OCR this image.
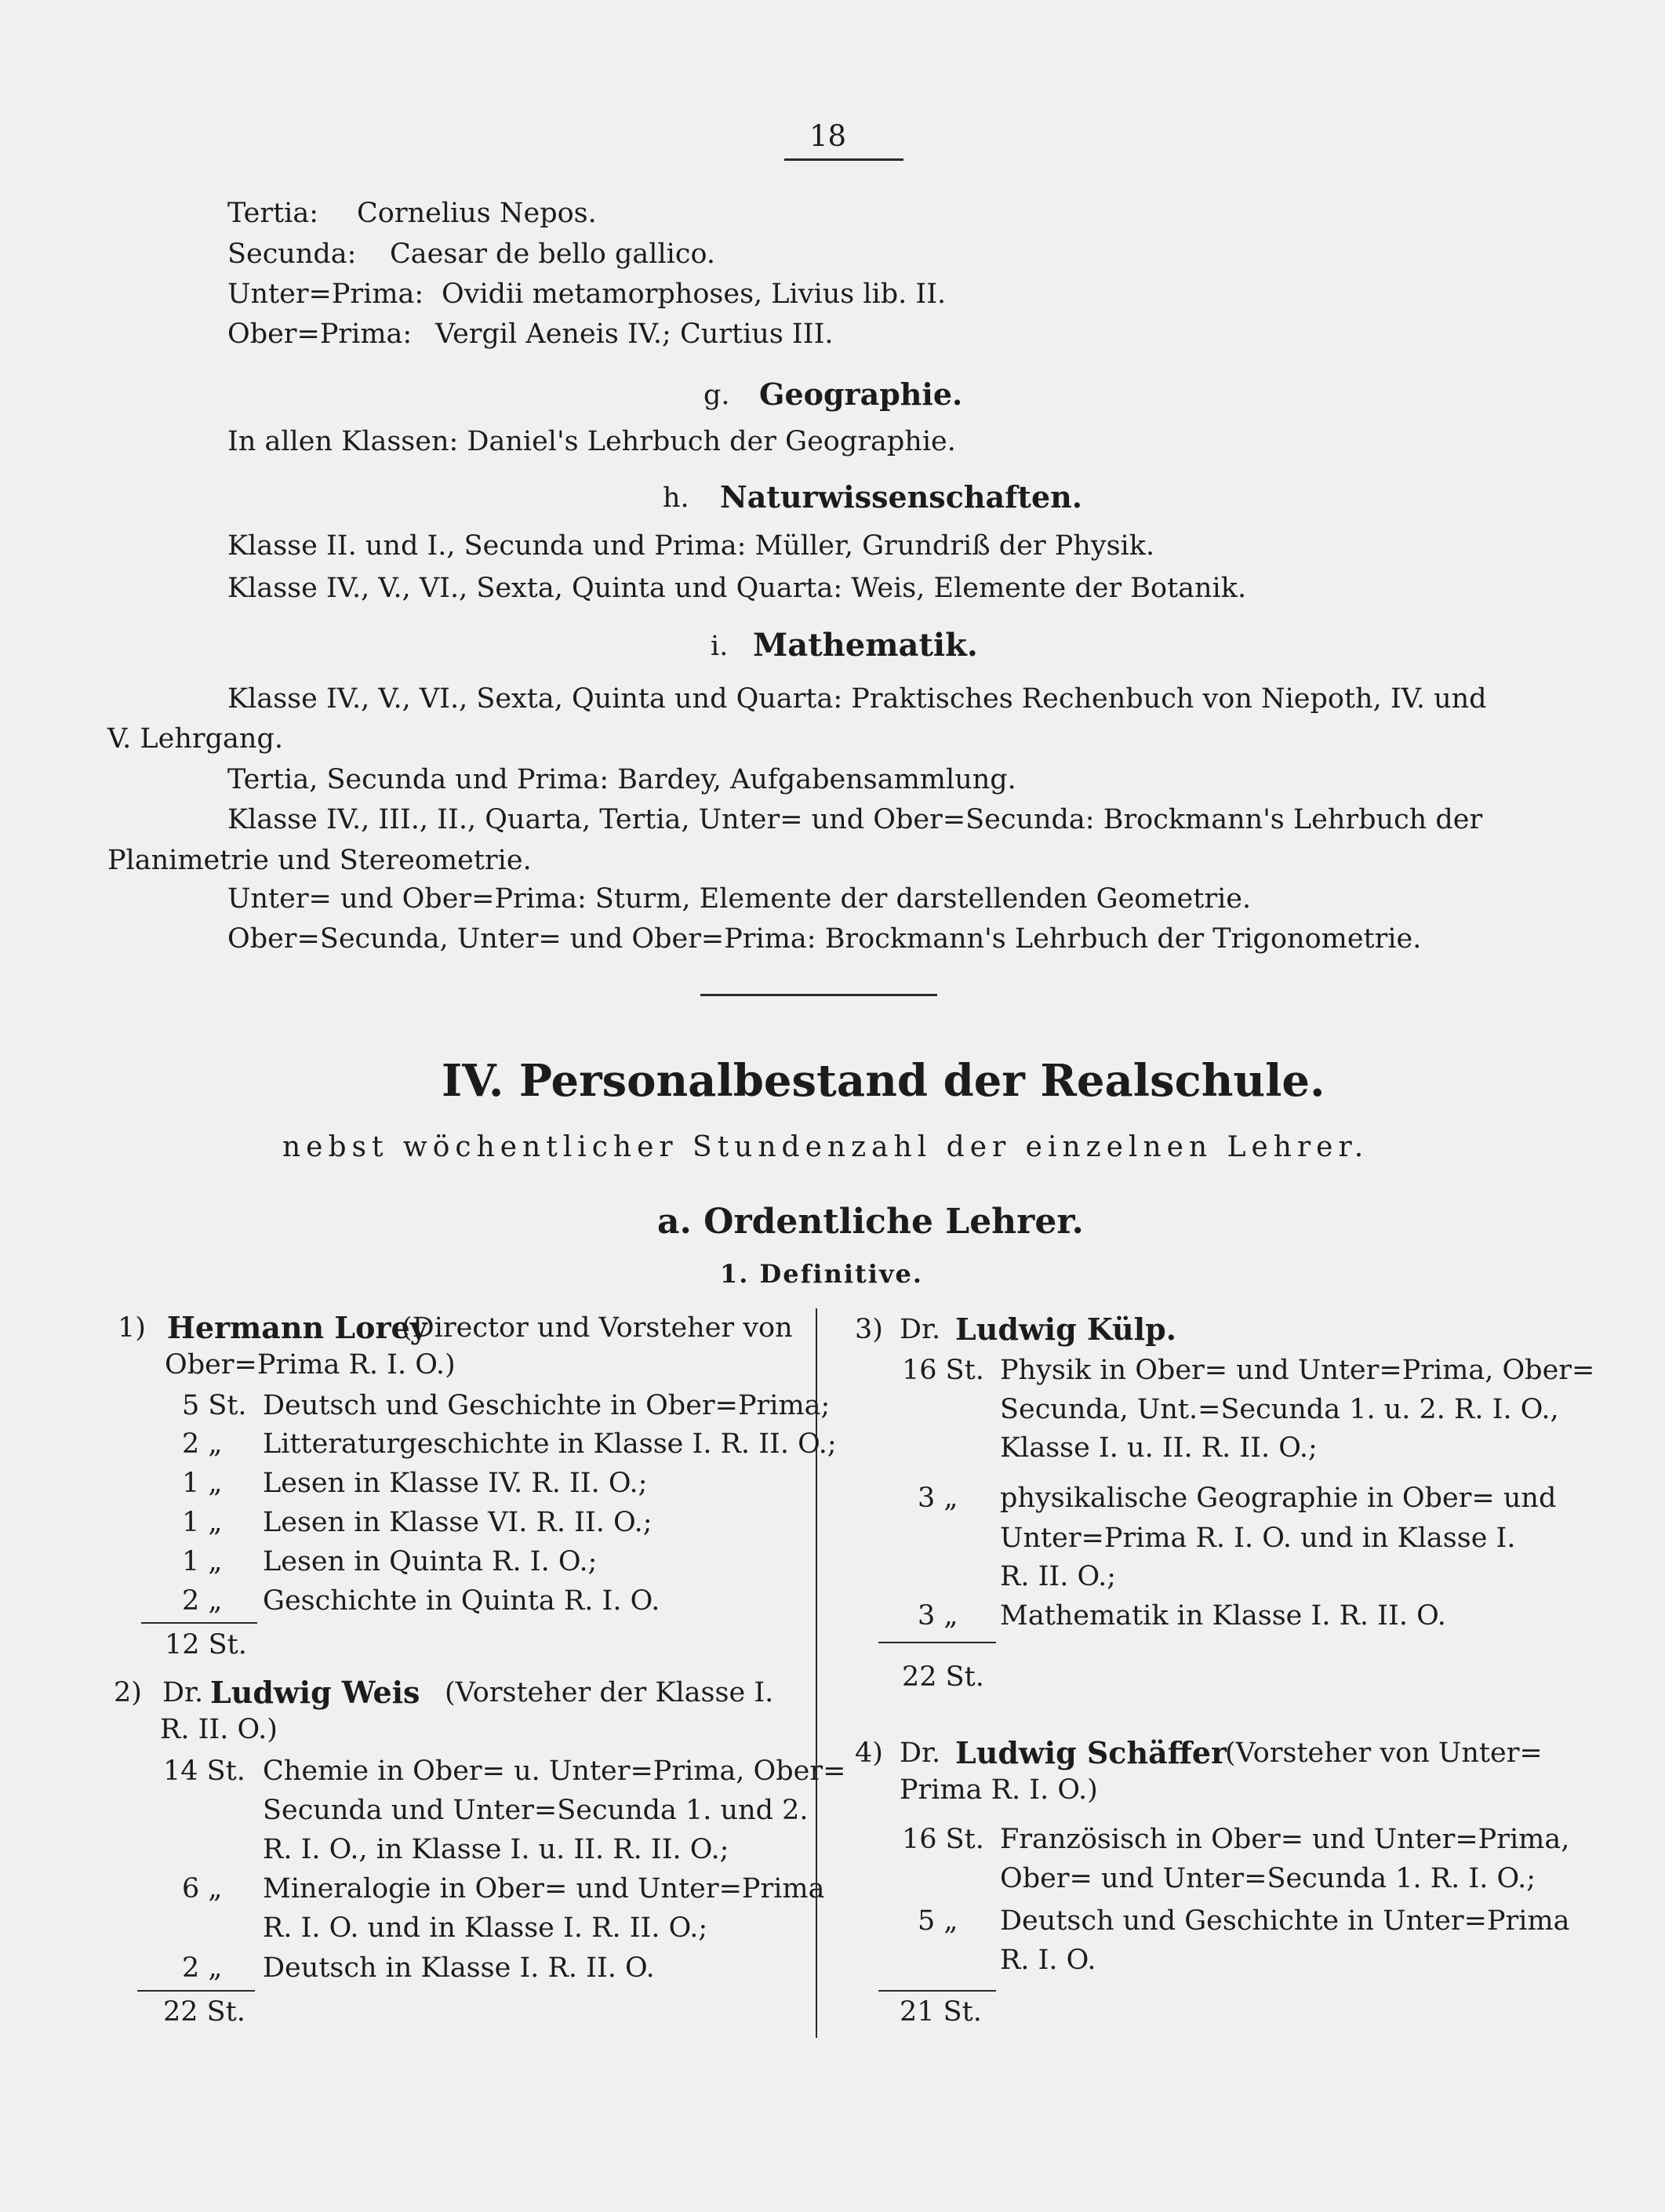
18
Tertia: Cornelius Nepos.
Secunda: Caesar de bello gallico.
Unter=Prima: Ovidii metamorphoses, Livius lib. II.
Ober=Prima: Vergil Aeneis IV.; Curtius III.
g. Geographie.
In allen Klassen: Daniel's Lehrbuch der Geographie.
h. Naturwissenschaften.
Klasse II. und I., Secunda und Prima: Müller, Grundriß der Physik.
Klasse IV., V., VI., Sexta, Quinta und Quarta: Weis, Elemente der Botanik.
i. Mathematik.
Klasse IV., V., VI., Sexta, Quinta und Quarta: Praktisches Rechenbuch von Niepoth, IV. und
V. Lehrgang.
Tertia, Secunda und Prima: Bardey, Aufgabensammlung.
Klasse IV., III., II., Quarta, Tertia, Unter= und Ober=Secunda: Brockmann's Lehrbuch der
Planimetrie und Stereometrie.
Unter= und Ober=Prima: Sturm, Elemente der darstellenden Geometrie.
Ober=Secunda, Unter= und Ober=Prima: Brockmann's Lehrbuch der Trigonometrie.
IV. Personalbestand der Realschule.
nebst wöchentlicher Stundenzahl der einzelnen Lehrer.
a. Ordentliche Lehrer.
1. Definitive.
1) Hermann Lorey
(Director und Vorsteher von
Ober=Prima R. I. O.)
5 St. Deutsch und Geschichte in Ober=Prima;
2 „ Litteraturgeschichte in Klasse I. R. II. O.;
1 „ Lesen in Klasse IV. R. II. O.;
1 „ Lesen in Klasse VI. R. II. O.;
1 „ Lesen in Quinta R. I. O.;
2 „ Geschichte in Quinta R. I. O.
12 St.
2) Dr. Ludwig Weis (Vorsteher der Klasse I.
R. II. O.)
14 St. Chemie in Ober= u. Unter=Prima, Ober=
Secunda und Unter=Secunda 1. und 2.
R. I. O., in Klasse I. u. II. R. II. O.;
6 „ Mineralogie in Ober= und Unter=Prima
R. I. O. und in Klasse I. R. II. O.;
2 „ Deutsch in Klasse I. R. II. O.
22 St.
3) Dr. Ludwig Külp.
16 St. Physik in Ober= und Unter=Prima, Ober=
Secunda, Unt.=Secunda 1. u. 2. R. I. O.,
Klasse I. u. II. R. II. O.;
3 „ physikalische Geographie in Ober= und
Unter=Prima R. I. O. und in Klasse I.
R. II. O.;
3 „ Mathematik in Klasse I. R. II. O.
22 St.
4) Dr. Ludwig Schäffer
(Vorsteher von Unter=
Prima R. I. O.)
16 St. Französisch in Ober= und Unter=Prima,
Ober= und Unter=Secunda 1. R. I. O.;
5 „ Deutsch und Geschichte in Unter=Prima
R. I. O.
21 St.
